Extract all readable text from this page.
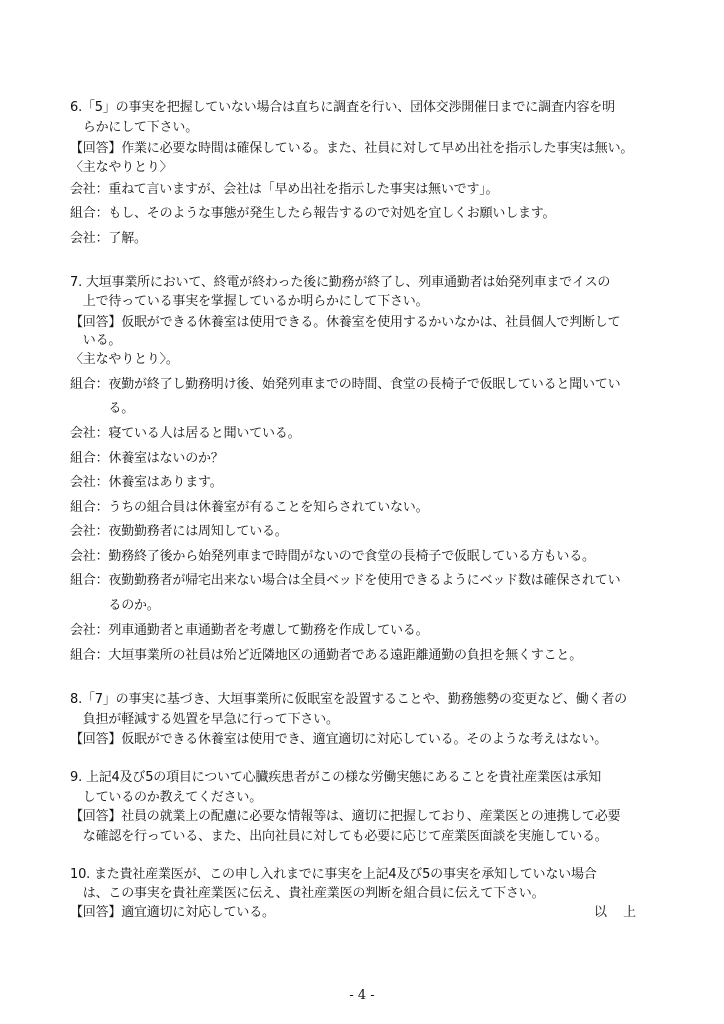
6.「5」の事実を把握していない場合は直ちに調査を行い、団体交渉開催日までに調査内容を明
　らかにして下さい。
【回答】作業に必要な時間は確保している。また、社員に対して早め出社を指示した事実は無い。
〈主なやりとり〉
会社：重ねて言いますが、会社は「早め出社を指示した事実は無いです」。
組合：もし、そのような事態が発生したら報告するので対処を宜しくお願いします。
会社：了解。
7. 大垣事業所において、終電が終わった後に勤務が終了し、列車通勤者は始発列車までイスの
　上で待っている事実を掌握しているか明らかにして下さい。
【回答】仮眠ができる休養室は使用できる。休養室を使用するかいなかは、社員個人で判断して
　いる。
〈主なやりとり〉。
組合：夜勤が終了し勤務明け後、始発列車までの時間、食堂の長椅子で仮眠していると聞いてい
　　　る。
会社：寝ている人は居ると聞いている。
組合：休養室はないのか？
会社：休養室はあります。
組合：うちの組合員は休養室が有ることを知らされていない。
会社：夜勤勤務者には周知している。
会社：勤務終了後から始発列車まで時間がないので食堂の長椅子で仮眠している方もいる。
組合：夜勤勤務者が帰宅出来ない場合は全員ベッドを使用できるようにベッド数は確保されてい
　　　るのか。
会社：列車通勤者と車通勤者を考慮して勤務を作成している。
組合：大垣事業所の社員は殆ど近隣地区の通勤者である遠距離通勤の負担を無くすこと。
8.「7」の事実に基づき、大垣事業所に仮眠室を設置することや、勤務態勢の変更など、働く者の
　負担が軽減する処置を早急に行って下さい。
【回答】仮眠ができる休養室は使用でき、適宜適切に対応している。そのような考えはない。
9. 上記4及び5の項目について心臓疾患者がこの様な労働実態にあることを貴社産業医は承知
　しているのか教えてください。
【回答】社員の就業上の配慮に必要な情報等は、適切に把握しており、産業医との連携して必要
　な確認を行っている、また、出向社員に対しても必要に応じて産業医面談を実施している。
10. また貴社産業医が、この申し入れまでに事実を上記4及び5の事実を承知していない場合
　は、この事実を貴社産業医に伝え、貴社産業医の判断を組合員に伝えて下さい。
【回答】適宜適切に対応している。	以 上
- 4 -
